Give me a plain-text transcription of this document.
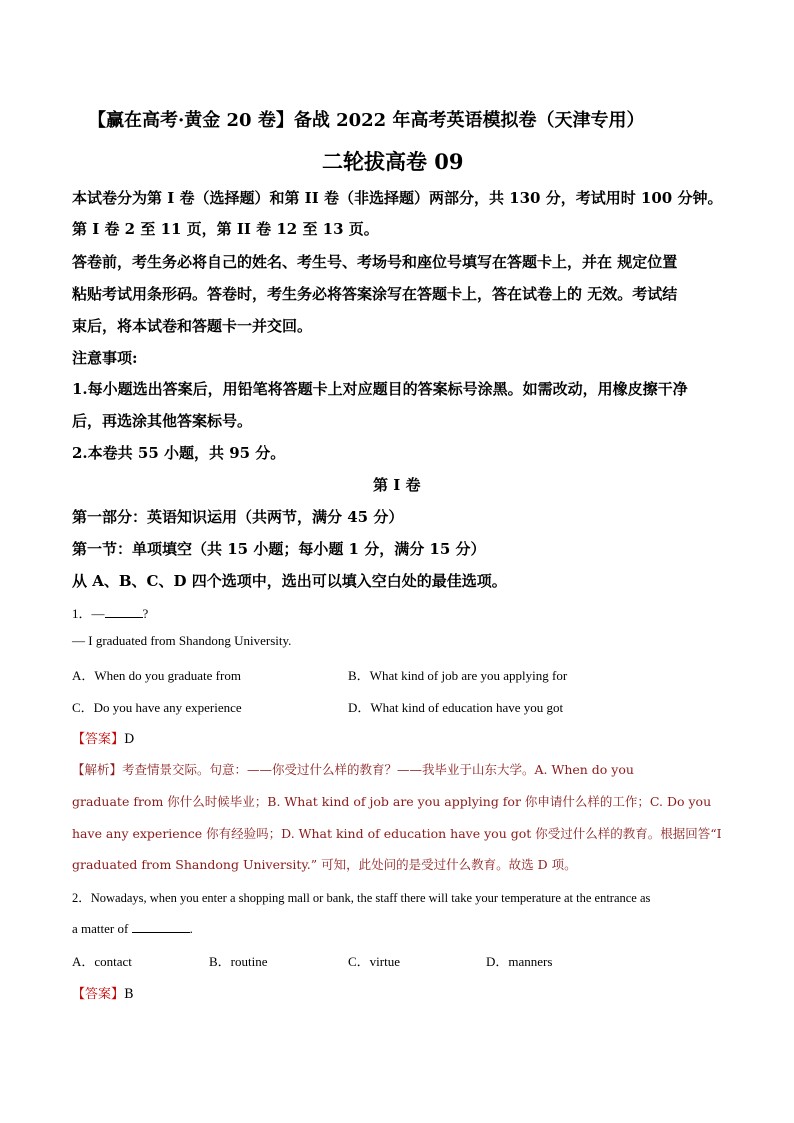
【赢在高考·黄金 20 卷】备战 2022 年高考英语模拟卷（天津专用）
二轮拔高卷 09
本试卷分为第 I 卷（选择题）和第 II 卷（非选择题）两部分，共 130 分，考试用时 100 分钟。
第 I 卷 2 至 11 页，第 II 卷 12 至 13 页。
答卷前，考生务必将自己的姓名、考生号、考场号和座位号填写在答题卡上，并在 规定位置
粘贴考试用条形码。答卷时，考生务必将答案涂写在答题卡上，答在试卷上的 无效。考试结
束后，将本试卷和答题卡一并交回。
注意事项:
1.每小题选出答案后，用铅笔将答题卡上对应题目的答案标号涂黑。如需改动，用橡皮擦干净
后，再选涂其他答案标号。
2.本卷共 55 小题，共 95 分。
第 I 卷
第一部分：英语知识运用（共两节，满分 45 分）
第一节：单项填空（共 15 小题；每小题 1 分，满分 15 分）
从 A、B、C、D 四个选项中，选出可以填入空白处的最佳选项。
1．—	?
— I graduated from Shandong University.
A．When do you graduate from	B．What kind of job are you applying for
C．Do you have any experience	D．What kind of education have you got
【答案】D
【解析】考查情景交际。句意：——你受过什么样的教育？——我毕业于山东大学。A. When do you
graduate from 你什么时候毕业；B. What kind of job are you applying for 你申请什么样的工作；C. Do you
have any experience 你有经验吗；D. What kind of education have you got 你受过什么样的教育。根据回答“I
graduated from Shandong University.” 可知，此处问的是受过什么教育。故选 D 项。
2．Nowadays, when you enter a shopping mall or bank, the staff there will take your temperature at the entrance as
a matter of	.
A．contact	B．routine	C．virtue	D．manners
【答案】B
